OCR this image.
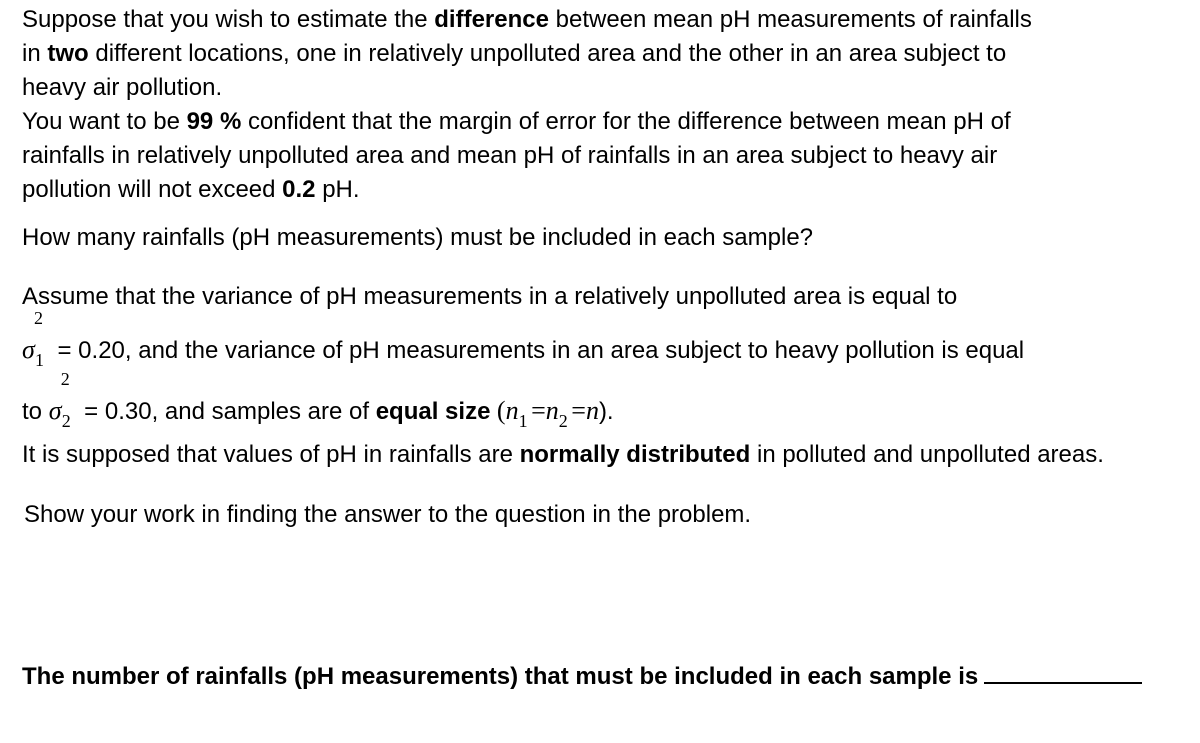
Suppose that you wish to estimate the difference between mean pH measurements of rainfalls
in two different locations, one in relatively unpolluted area and the other in an area subject to
heavy air pollution.
You want to be 99 % confident that the margin of error for the difference between mean pH of
rainfalls in relatively unpolluted area and mean pH of rainfalls in an area subject to heavy air
pollution will not exceed 0.2 pH.
How many rainfalls (pH measurements) must be included in each sample?
Assume that the variance of pH measurements in a relatively unpolluted area is equal to
σ
2
1 = 0.20, and the variance of pH measurements in an area subject to heavy pollution is equal
to σ
2
2 = 0.30, and samples are of equal size (n 1
=n 2
=n).
It is supposed that values of pH in rainfalls are normally distributed in polluted and unpolluted areas.
Show your work in finding the answer to the question in the problem.
The number of rainfalls (pH measurements) that must be included in each sample is
